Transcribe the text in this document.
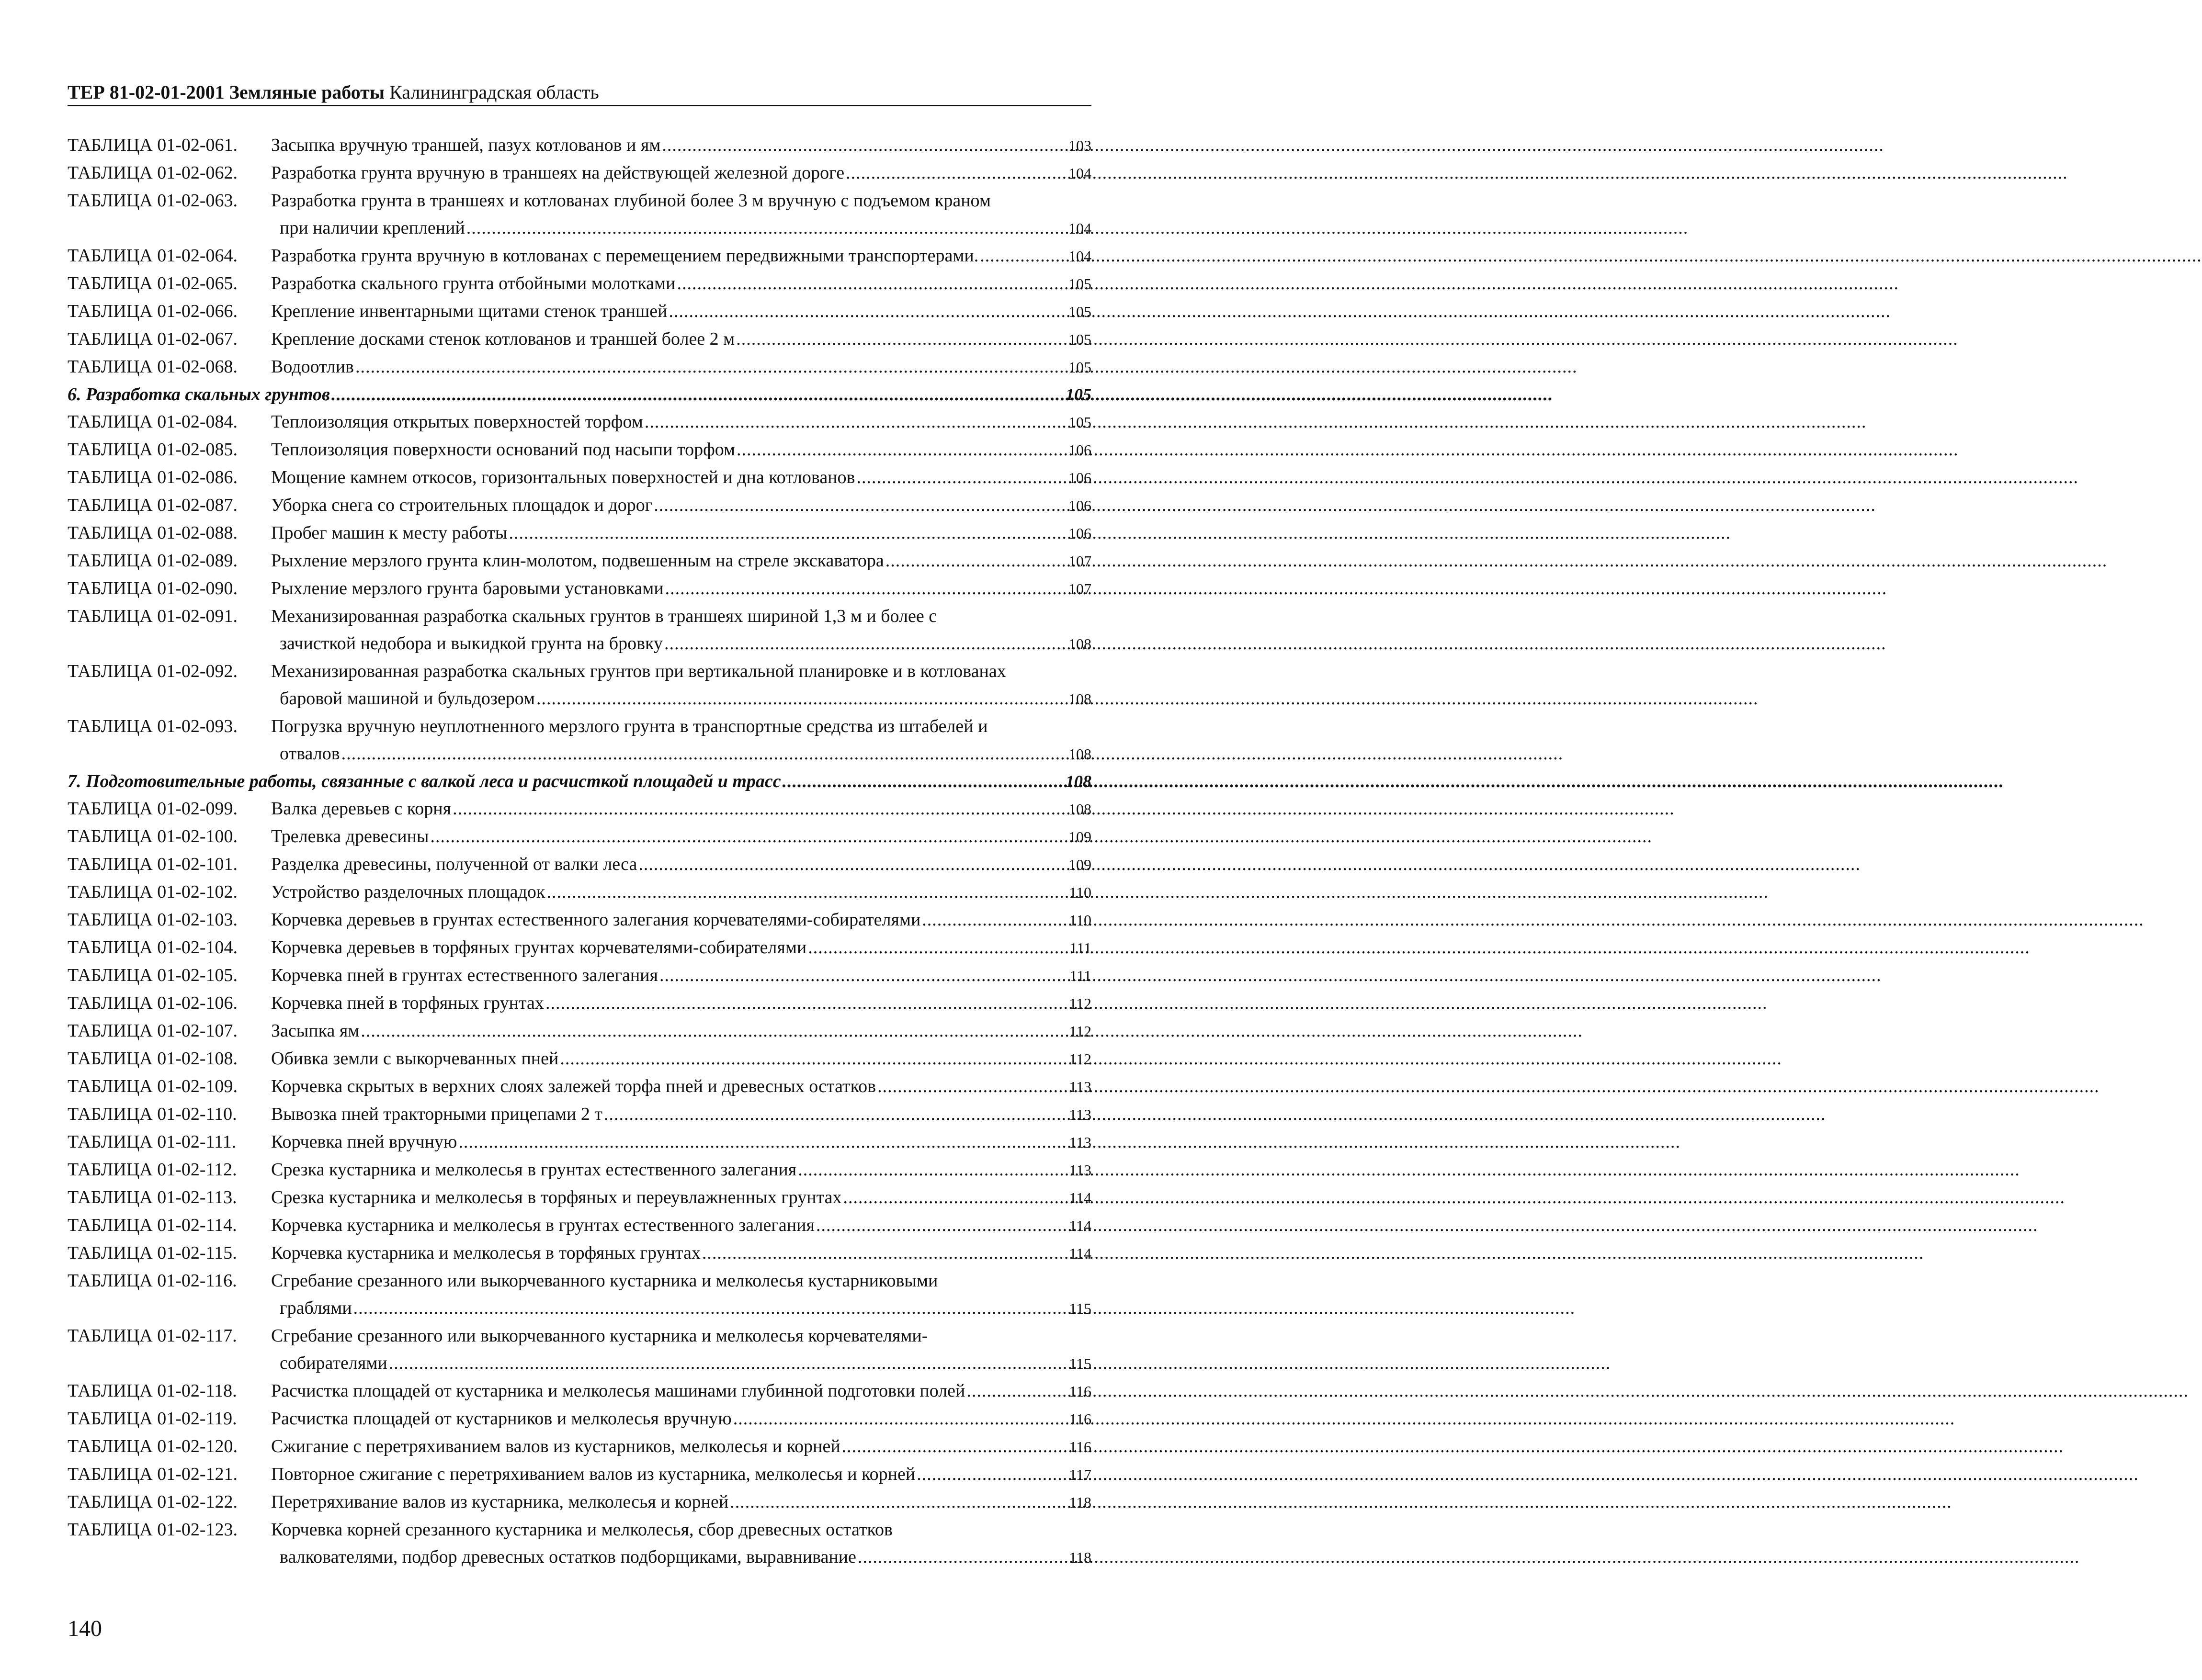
ТЕР 81-02-01-2001 Земляные работы Калининградская область
ТАБЛИЦА 01-02-061.	Засыпка вручную траншей, пазух котлованов и ям .....	103
ТАБЛИЦА 01-02-062.	Разработка грунта вручную в траншеях на действующей железной дороге .....	104
ТАБЛИЦА 01-02-063.	Разработка грунта в траншеях и котлованах глубиной более 3 м вручную с подъемом краном
при наличии креплений .....	104
ТАБЛИЦА 01-02-064.	Разработка грунта вручную в котлованах с перемещением передвижными транспортерами. .....	104
ТАБЛИЦА 01-02-065.	Разработка скального грунта отбойными молотками .....	105
ТАБЛИЦА 01-02-066.	Крепление инвентарными щитами стенок траншей .....	105
ТАБЛИЦА 01-02-067.	Крепление досками стенок котлованов и траншей более 2 м .....	105
ТАБЛИЦА 01-02-068.	Водоотлив .....	105
6. Разработка скальных грунтов .....	105
ТАБЛИЦА 01-02-084.	Теплоизоляция открытых поверхностей торфом .....	105
ТАБЛИЦА 01-02-085.	Теплоизоляция поверхности оснований под насыпи торфом .....	106
ТАБЛИЦА 01-02-086.	Мощение камнем откосов, горизонтальных поверхностей и дна котлованов .....	106
ТАБЛИЦА 01-02-087.	Уборка снега со строительных площадок и дорог .....	106
ТАБЛИЦА 01-02-088.	Пробег машин к месту работы .....	106
ТАБЛИЦА 01-02-089.	Рыхление мерзлого грунта клин-молотом, подвешенным на стреле экскаватора .....	107
ТАБЛИЦА 01-02-090.	Рыхление мерзлого грунта баровыми установками .....	107
ТАБЛИЦА 01-02-091.	Механизированная разработка скальных грунтов в траншеях шириной 1,3 м и более с
зачисткой недобора и выкидкой грунта на бровку .....	108
ТАБЛИЦА 01-02-092.	Механизированная разработка скальных грунтов при вертикальной планировке и в котлованах
баровой машиной и бульдозером .....	108
ТАБЛИЦА 01-02-093.	Погрузка вручную неуплотненного мерзлого грунта в транспортные средства из штабелей и
отвалов .....	108
7. Подготовительные работы, связанные с валкой леса и расчисткой площадей и трасс .....	108
ТАБЛИЦА 01-02-099.	Валка деревьев с корня .....	108
ТАБЛИЦА 01-02-100.	Трелевка древесины .....	109
ТАБЛИЦА 01-02-101.	Разделка древесины, полученной от валки леса .....	109
ТАБЛИЦА 01-02-102.	Устройство разделочных площадок .....	110
ТАБЛИЦА 01-02-103.	Корчевка деревьев в грунтах естественного залегания корчевателями-собирателями .....	110
ТАБЛИЦА 01-02-104.	Корчевка деревьев в торфяных грунтах корчевателями-собирателями .....	111
ТАБЛИЦА 01-02-105.	Корчевка пней в грунтах естественного залегания .....	111
ТАБЛИЦА 01-02-106.	Корчевка пней в торфяных грунтах .....	112
ТАБЛИЦА 01-02-107.	Засыпка ям .....	112
ТАБЛИЦА 01-02-108.	Обивка земли с выкорчеванных пней .....	112
ТАБЛИЦА 01-02-109.	Корчевка скрытых в верхних слоях залежей торфа пней и древесных остатков .....	113
ТАБЛИЦА 01-02-110.	Вывозка пней тракторными прицепами 2 т .....	113
ТАБЛИЦА 01-02-111.	Корчевка пней вручную .....	113
ТАБЛИЦА 01-02-112.	Срезка кустарника и мелколесья в грунтах естественного залегания .....	113
ТАБЛИЦА 01-02-113.	Срезка кустарника и мелколесья в торфяных и переувлажненных грунтах .....	114
ТАБЛИЦА 01-02-114.	Корчевка кустарника и мелколесья в грунтах естественного залегания .....	114
ТАБЛИЦА 01-02-115.	Корчевка кустарника и мелколесья в торфяных грунтах .....	114
ТАБЛИЦА 01-02-116.	Сгребание срезанного или выкорчеванного кустарника и мелколесья кустарниковыми
граблями .....	115
ТАБЛИЦА 01-02-117.	Сгребание срезанного или выкорчеванного кустарника и мелколесья корчевателями-
собирателями .....	115
ТАБЛИЦА 01-02-118.	Расчистка площадей от кустарника и мелколесья машинами глубинной подготовки полей .....	116
ТАБЛИЦА 01-02-119.	Расчистка площадей от кустарников и мелколесья вручную .....	116
ТАБЛИЦА 01-02-120.	Сжигание с перетряхиванием валов из кустарников, мелколесья и корней .....	116
ТАБЛИЦА 01-02-121.	Повторное сжигание с перетряхиванием валов из кустарника, мелколесья и корней .....	117
ТАБЛИЦА 01-02-122.	Перетряхивание валов из кустарника, мелколесья и корней .....	118
ТАБЛИЦА 01-02-123.	Корчевка корней срезанного кустарника и мелколесья, сбор древесных остатков
валкователями, подбор древесных остатков подборщиками, выравнивание .....	118
140
